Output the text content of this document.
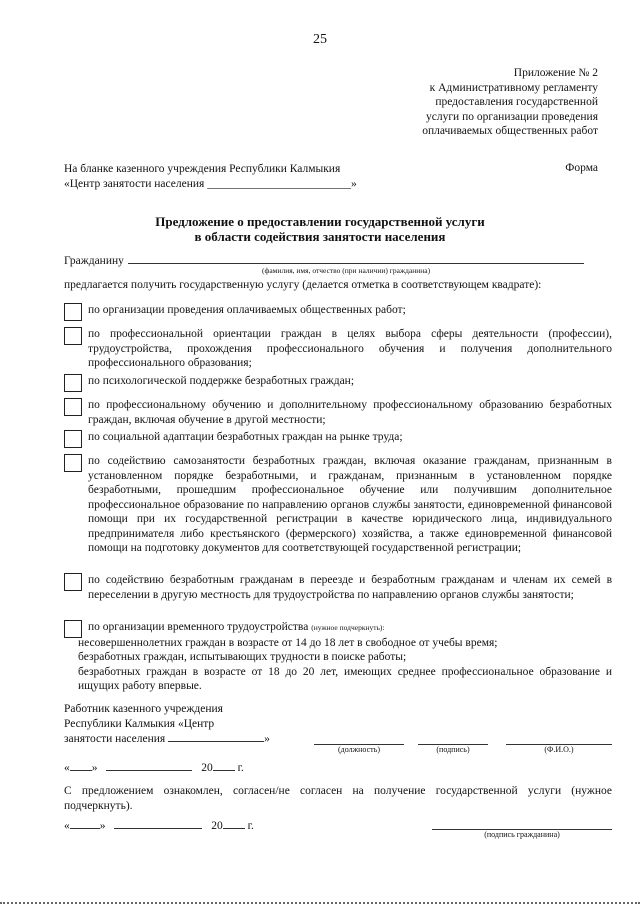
25
Приложение № 2
к Административному регламенту
предоставления государственной
услуги по организации проведения
оплачиваемых общественных работ
Форма
На бланке казенного учреждения Республики Калмыкия
«Центр занятости населения _________________________»
Предложение о предоставлении государственной услуги
в области содействия занятости населения
Гражданину
(фамилия, имя, отчество (при наличии) гражданина)
предлагается получить государственную услугу (делается отметка в соответствующем квадрате):
по организации проведения оплачиваемых общественных работ;
по профессиональной ориентации граждан в целях выбора сферы деятельности (профессии), трудоустройства, прохождения профессионального обучения и получения дополнительного профессионального образования;
по психологической поддержке безработных граждан;
по профессиональному обучению и дополнительному профессиональному образованию безработных граждан, включая обучение в другой местности;
по социальной адаптации безработных граждан на рынке труда;
по содействию самозанятости безработных граждан, включая оказание гражданам, признанным в установленном порядке безработными, и гражданам, признанным в установленном порядке безработными, прошедшим профессиональное обучение или получившим дополнительное профессиональное образование по направлению органов службы занятости, единовременной финансовой помощи при их государственной регистрации в качестве юридического лица, индивидуального предпринимателя либо крестьянского (фермерского) хозяйства, а также единовременной финансовой помощи на подготовку документов для соответствующей государственной регистрации;
по содействию безработным гражданам в переезде и безработным гражданам и членам их семей в переселении в другую местность для трудоустройства по направлению органов службы занятости;
по организации временного трудоустройства (нужное подчеркнуть):
несовершеннолетних граждан в возрасте от 14 до 18 лет в свободное от учебы время;
безработных граждан, испытывающих трудности в поиске работы;
безработных граждан в возрасте от 18 до 20 лет, имеющих среднее профессиональное образование и ищущих работу впервые.
Работник казенного учреждения
Республики Калмыкия «Центр
занятости населения	»
(должность)	(подпись)	(Ф.И.О.)
« »	20 г.
С предложением ознакомлен, согласен/не согласен на получение государственной услуги (нужное подчеркнуть).
«	»	20 г.
(подпись гражданина)
